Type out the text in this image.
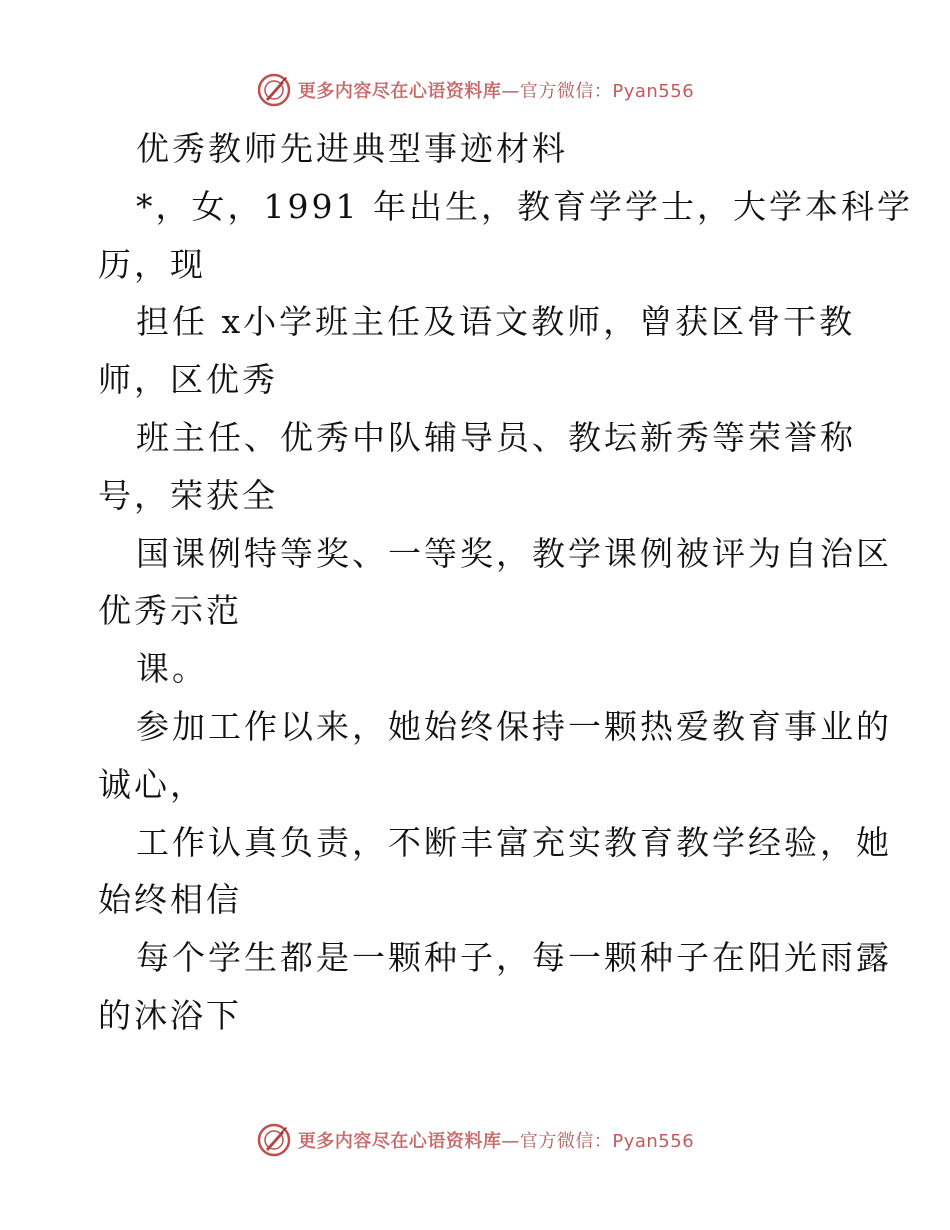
更多内容尽在心语资料库—官方微信：Pyan556
优秀教师先进典型事迹材料
*，女，1991 年出生，教育学学士，大学本科学
历，现
担任 x小学班主任及语文教师，曾获区骨干教
师，区优秀
班主任、优秀中队辅导员、教坛新秀等荣誉称
号，荣获全
国课例特等奖、一等奖，教学课例被评为自治区
优秀示范
课。
参加工作以来，她始终保持一颗热爱教育事业的
诚心，
工作认真负责，不断丰富充实教育教学经验，她
始终相信
每个学生都是一颗种子，每一颗种子在阳光雨露
的沐浴下
更多内容尽在心语资料库—官方微信：Pyan556
